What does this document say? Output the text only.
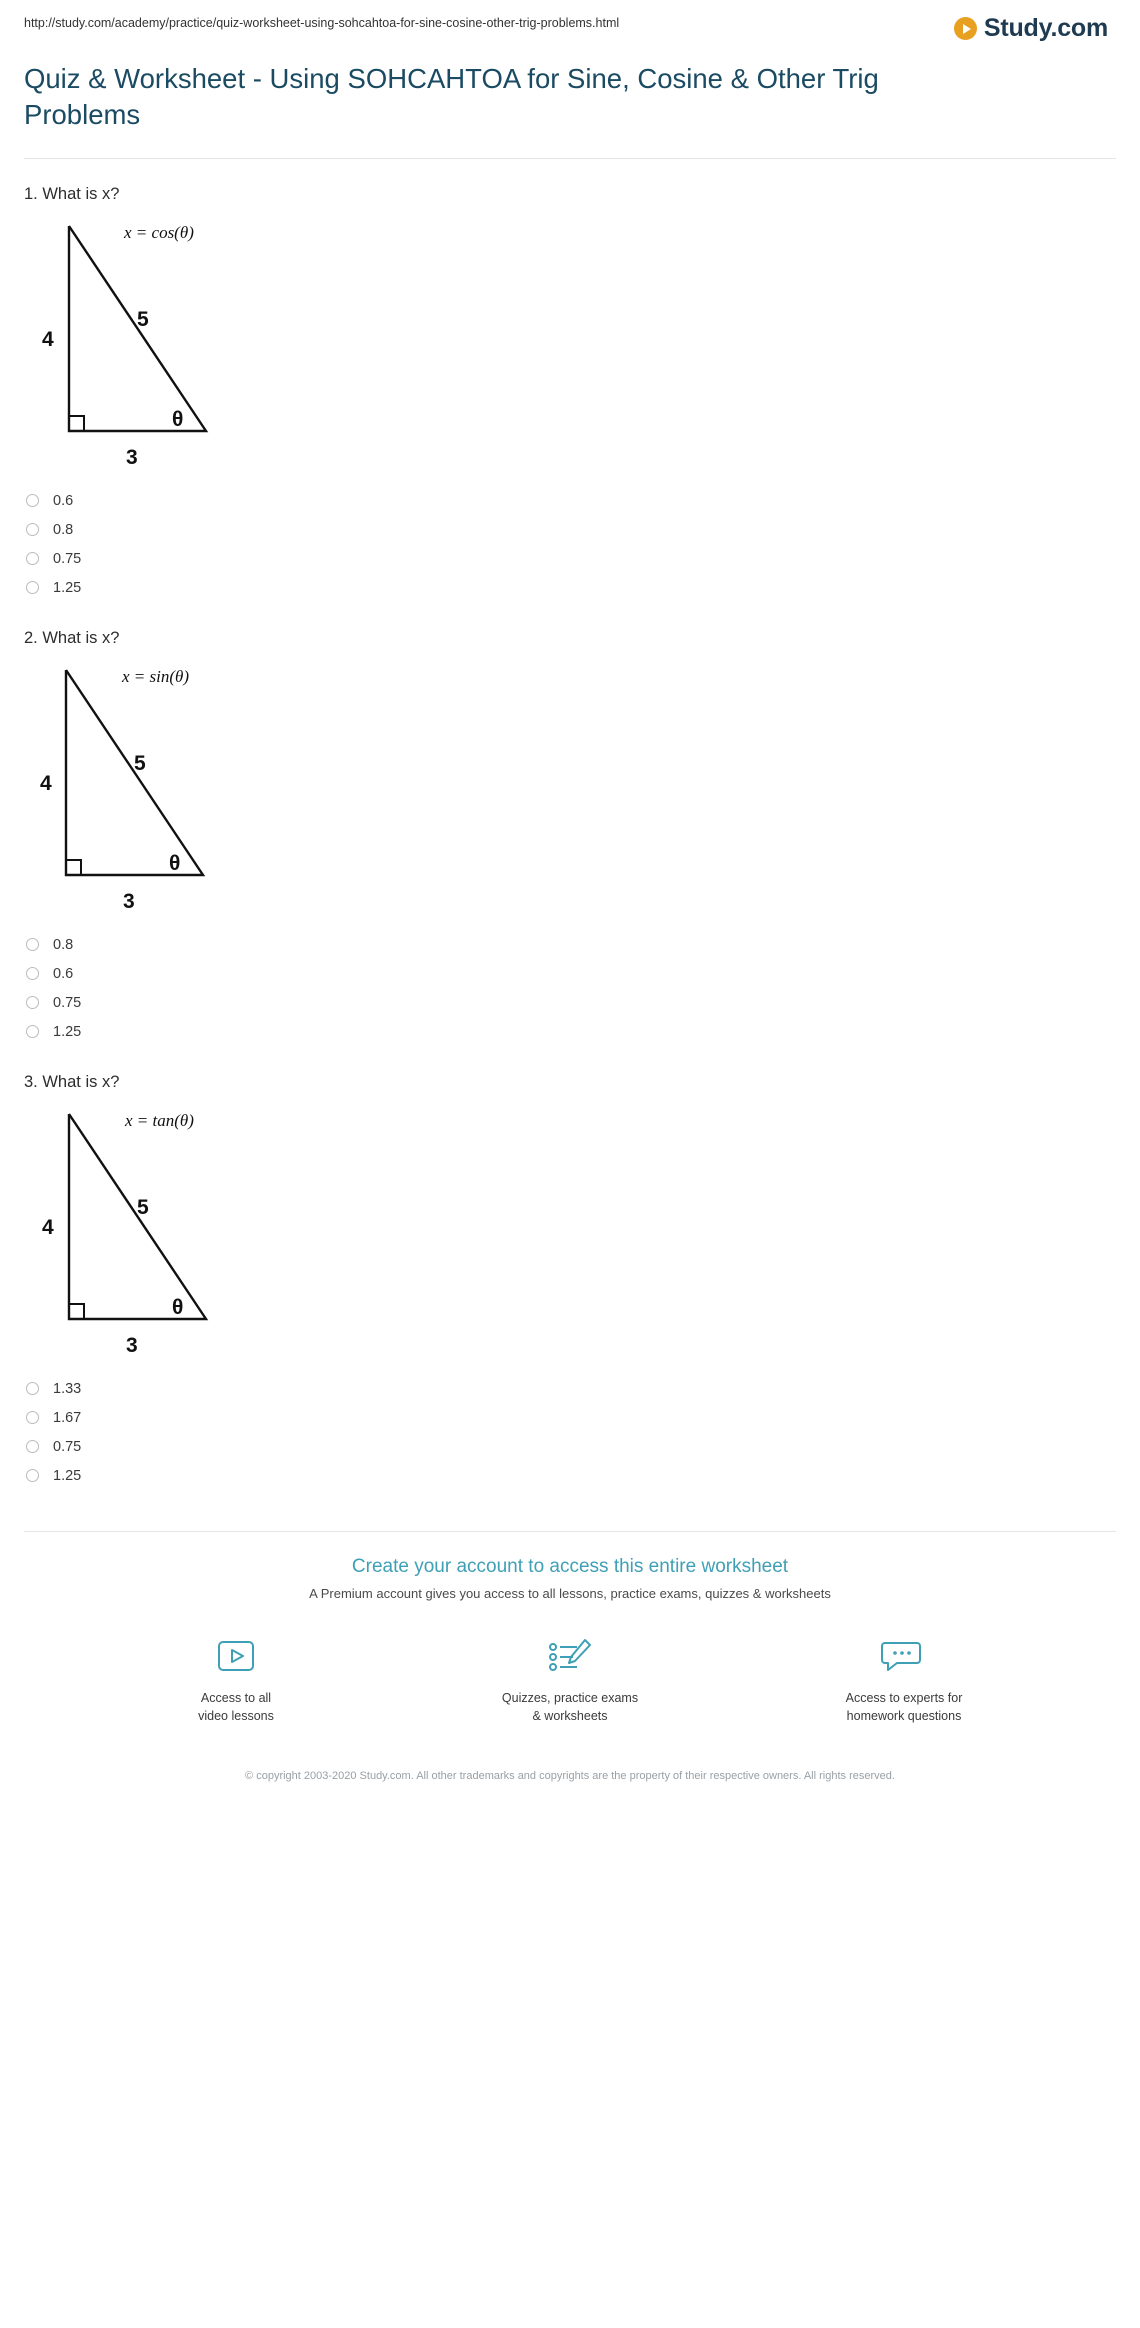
http://study.com/academy/practice/quiz-worksheet-using-sohcahtoa-for-sine-cosine-other-trig-problems.html	Study.com
Quiz & Worksheet - Using SOHCAHTOA for Sine, Cosine & Other Trig Problems

1. What is x?

x = cos(θ)
4
5
3
θ
0.6
0.8
0.75
1.25

2. What is x?

x = sin(θ)
4
5
3
θ
0.8
0.6
0.75
1.25

3. What is x?

x = tan(θ)
4
5
3
θ
1.33
1.67
0.75
1.25
Create your account to access this entire worksheet
A Premium account gives you access to all lessons, practice exams, quizzes & worksheets
Access to all
video lessons
Quizzes, practice exams
& worksheets
Access to experts for
homework questions
© copyright 2003-2020 Study.com. All other trademarks and copyrights are the property of their respective owners. All rights reserved.
